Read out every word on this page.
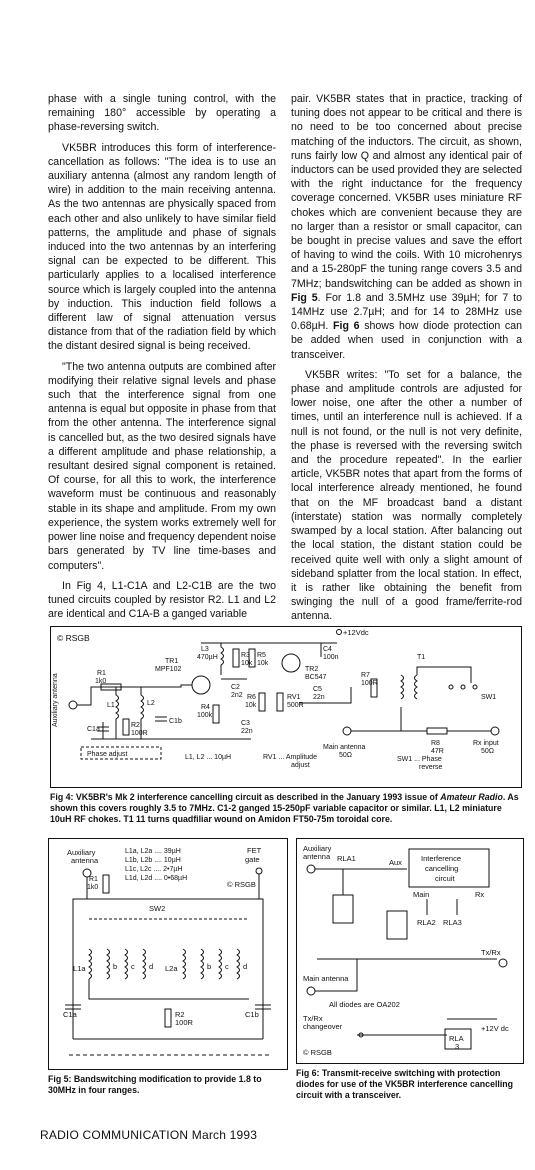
phase with a single tuning control, with the remaining 180° accessible by operating a phase-reversing switch.

VK5BR introduces this form of interference-cancellation as follows: "The idea is to use an auxiliary antenna (almost any random length of wire) in addition to the main receiving antenna. As the two antennas are physically spaced from each other and also unlikely to have similar field patterns, the amplitude and phase of signals induced into the two antennas by an interfering signal can be expected to be different. This particularly applies to a localised interference source which is largely coupled into the antenna by induction. This induction field follows a different law of signal attenuation versus distance from that of the radiation field by which the distant desired signal is being received.

"The two antenna outputs are combined after modifying their relative signal levels and phase such that the interference signal from one antenna is equal but opposite in phase from that from the other antenna. The interference signal is cancelled but, as the two desired signals have a different amplitude and phase relationship, a resultant desired signal component is retained. Of course, for all this to work, the interference waveform must be continuous and reasonably stable in its shape and amplitude. From my own experience, the system works extremely well for power line noise and frequency dependent noise bars generated by TV line time-bases and computers".

In Fig 4, L1-C1A and L2-C1B are the two tuned circuits coupled by resistor R2. L1 and L2 are identical and C1A-B a ganged variable

pair. VK5BR states that in practice, tracking of tuning does not appear to be critical and there is no need to be too concerned about precise matching of the inductors. The circuit, as shown, runs fairly low Q and almost any identical pair of inductors can be used provided they are selected with the right inductance for the frequency coverage concerned. VK5BR uses miniature RF chokes which are convenient because they are no larger than a resistor or small capacitor, can be bought in precise values and save the effort of having to wind the coils. With 10 microhenrys and a 15-280pF the tuning range covers 3.5 and 7MHz; bandswitching can be added as shown in Fig 5. For 1.8 and 3.5MHz use 39µH; for 7 to 14MHz use 2.7µH; and for 14 to 28MHz use 0.68µH. Fig 6 shows how diode protection can be added when used in conjunction with a transceiver.

VK5BR writes: "To set for a balance, the phase and amplitude controls are adjusted for lower noise, one after the other a number of times, until an interference null is achieved. If a null is not found, or the null is not very definite, the phase is reversed with the reversing switch and the procedure repeated". In the earlier article, VK5BR notes that apart from the forms of local interference already mentioned, he found that on the MF broadcast band a distant (interstate) station was normally completely swamped by a local station. After balancing out the local station, the distant station could be received quite well with only a slight amount of sideband splatter from the local station. In effect, it is rather like obtaining the benefit from swinging the null of a good frame/ferrite-rod antenna.

© RSGB
+12Vdc
Auxiliary antenna	R1
1k0
L1
C1a
R2
100R
L2
C1b
Phase adjust
TR1
MPF102
L3
470µH	R3
10k
R5
10k
C2
2n2
R4
100k
C3
22n
R6
10k
RV1
500R
TR2
BC547
C4
100n
C5
22n
R7
100R
T1
SW1
Main antenna
50Ω
R8
47R
Rx input
50Ω
L1, L2 ... 10µH	RV1 ... Amplitude
adjust
SW1 ... Phase
reverse
Fig 4: VK5BR's Mk 2 interference cancelling circuit as described in the January 1993 issue of Amateur Radio. As shown this covers roughly 3.5 to 7MHz. C1-2 ganged 15-250pF variable capacitor or similar. L1, L2 miniature 10uH RF chokes. T1 11 turns quadfiliar wound on Amidon FT50-75m toroidal core.
Auxiliary
antenna
L1a, L2a .... 39µH
L1b, L2b .... 10µH
L1c, L2c .... 2•7µH
L1d, L2d .... 0•68µH
FET
gate
© RSGB
R1
1k0
SW2
L1a	b c d L2a	b c d
C1a	C1b
R2
100R
Fig 5: Bandswitching modification to provide 1.8 to 30MHz in four ranges.
Auxiliary
antenna RLA1	Aux	Interference
cancelling
circuit
Main	Rx
RLA2 RLA3
Tx/Rx
Main antenna
All diodes are OA202
Tx/Rx
changeover	+12V dc
RLA
3
© RSGB
Fig 6: Transmit-receive switching with protection diodes for use of the VK5BR interference cancelling circuit with a transceiver.
RADIO COMMUNICATION March 1993
